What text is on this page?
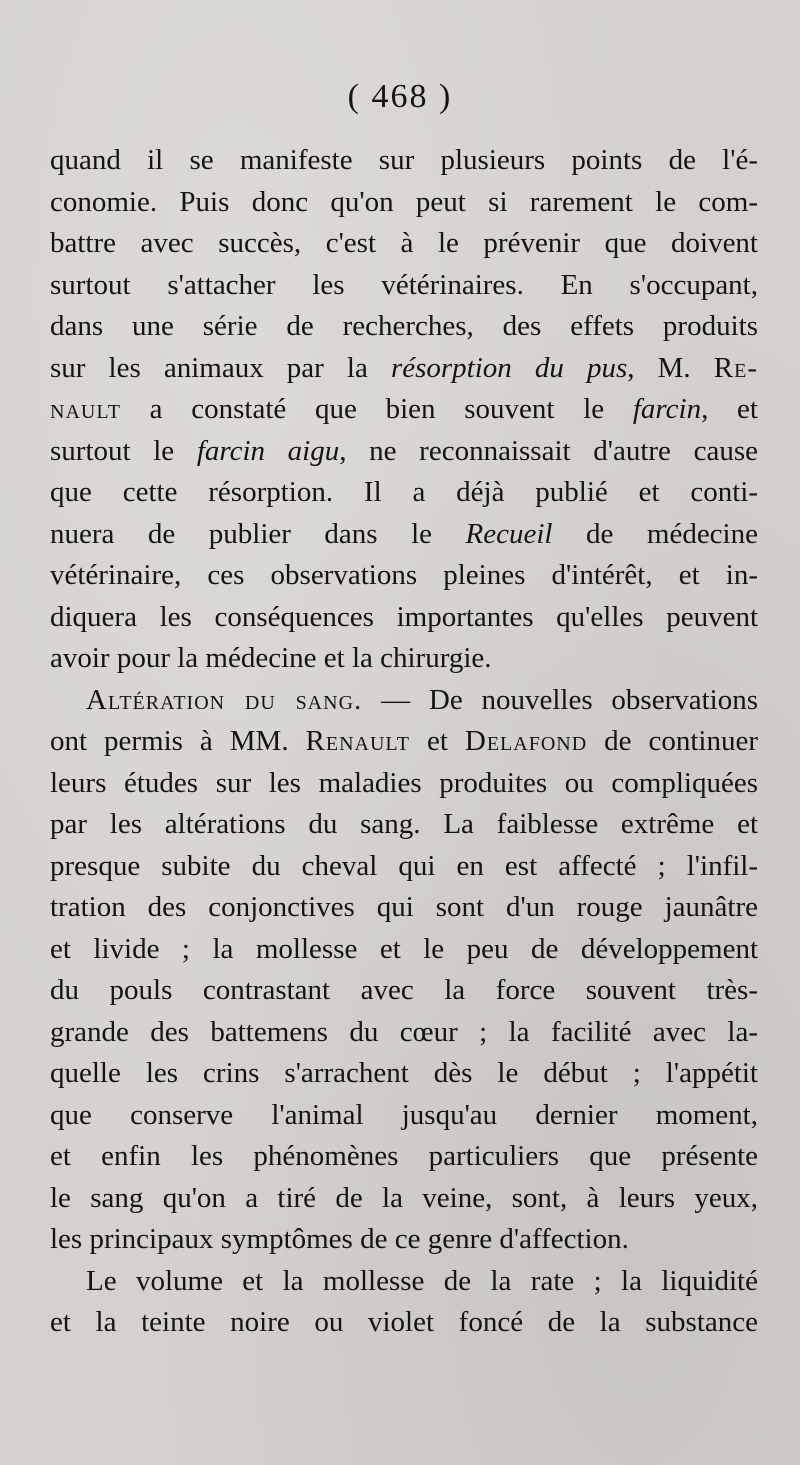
( 468 )
quand il se manifeste sur plusieurs points de l'é-
conomie. Puis donc qu'on peut si rarement le com-
battre avec succès, c'est à le prévenir que doivent
surtout s'attacher les vétérinaires. En s'occupant,
dans une série de recherches, des effets produits
sur les animaux par la résorption du pus, M. Re-
nault a constaté que bien souvent le farcin, et
surtout le farcin aigu, ne reconnaissait d'autre cause
que cette résorption. Il a déjà publié et conti-
nuera de publier dans le Recueil de médecine
vétérinaire, ces observations pleines d'intérêt, et in-
diquera les conséquences importantes qu'elles peuvent
avoir pour la médecine et la chirurgie.
Altération du sang. — De nouvelles observations
ont permis à MM. Renault et Delafond de continuer
leurs études sur les maladies produites ou compliquées
par les altérations du sang. La faiblesse extrême et
presque subite du cheval qui en est affecté ; l'infil-
tration des conjonctives qui sont d'un rouge jaunâtre
et livide ; la mollesse et le peu de développement
du pouls contrastant avec la force souvent très-
grande des battemens du cœur ; la facilité avec la-
quelle les crins s'arrachent dès le début ; l'appétit
que conserve l'animal jusqu'au dernier moment,
et enfin les phénomènes particuliers que présente
le sang qu'on a tiré de la veine, sont, à leurs yeux,
les principaux symptômes de ce genre d'affection.
Le volume et la mollesse de la rate ; la liquidité
et la teinte noire ou violet foncé de la substance
